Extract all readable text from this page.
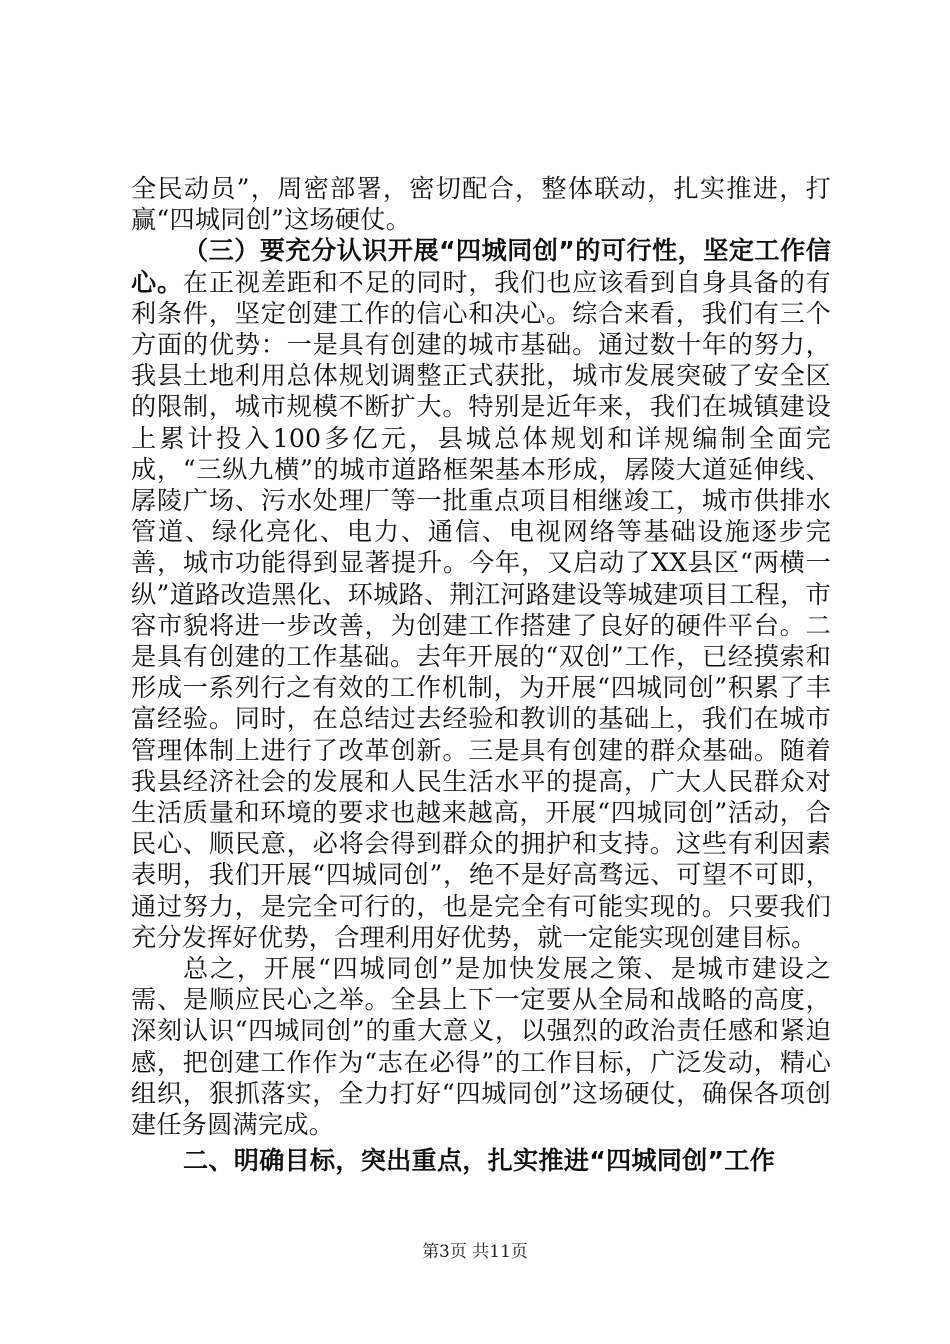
全民动员”，周密部署，密切配合，整体联动，扎实推进，打赢“四城同创”这场硬仗。

（三）要充分认识开展“四城同创”的可行性，坚定工作信心。在正视差距和不足的同时，我们也应该看到自身具备的有利条件，坚定创建工作的信心和决心。综合来看，我们有三个方面的优势：一是具有创建的城市基础。通过数十年的努力，我县土地利用总体规划调整正式获批，城市发展突破了安全区的限制，城市规模不断扩大。特别是近年来，我们在城镇建设上累计投入100多亿元，县城总体规划和详规编制全面完成，“三纵九横”的城市道路框架基本形成，孱陵大道延伸线、孱陵广场、污水处理厂等一批重点项目相继竣工，城市供排水管道、绿化亮化、电力、通信、电视网络等基础设施逐步完善，城市功能得到显著提升。今年，又启动了XX县区“两横一纵”道路改造黑化、环城路、荆江河路建设等城建项目工程，市容市貌将进一步改善，为创建工作搭建了良好的硬件平台。二是具有创建的工作基础。去年开展的“双创”工作，已经摸索和形成一系列行之有效的工作机制，为开展“四城同创”积累了丰富经验。同时，在总结过去经验和教训的基础上，我们在城市管理体制上进行了改革创新。三是具有创建的群众基础。随着我县经济社会的发展和人民生活水平的提高，广大人民群众对生活质量和环境的要求也越来越高，开展“四城同创”活动，合民心、顺民意，必将会得到群众的拥护和支持。这些有利因素表明，我们开展“四城同创”，绝不是好高骛远、可望不可即，通过努力，是完全可行的，也是完全有可能实现的。只要我们充分发挥好优势，合理利用好优势，就一定能实现创建目标。

总之，开展“四城同创”是加快发展之策、是城市建设之需、是顺应民心之举。全县上下一定要从全局和战略的高度，深刻认识“四城同创”的重大意义，以强烈的政治责任感和紧迫感，把创建工作作为“志在必得”的工作目标，广泛发动，精心组织，狠抓落实，全力打好“四城同创”这场硬仗，确保各项创建任务圆满完成。

二、明确目标，突出重点，扎实推进“四城同创”工作

第3页 共11页
